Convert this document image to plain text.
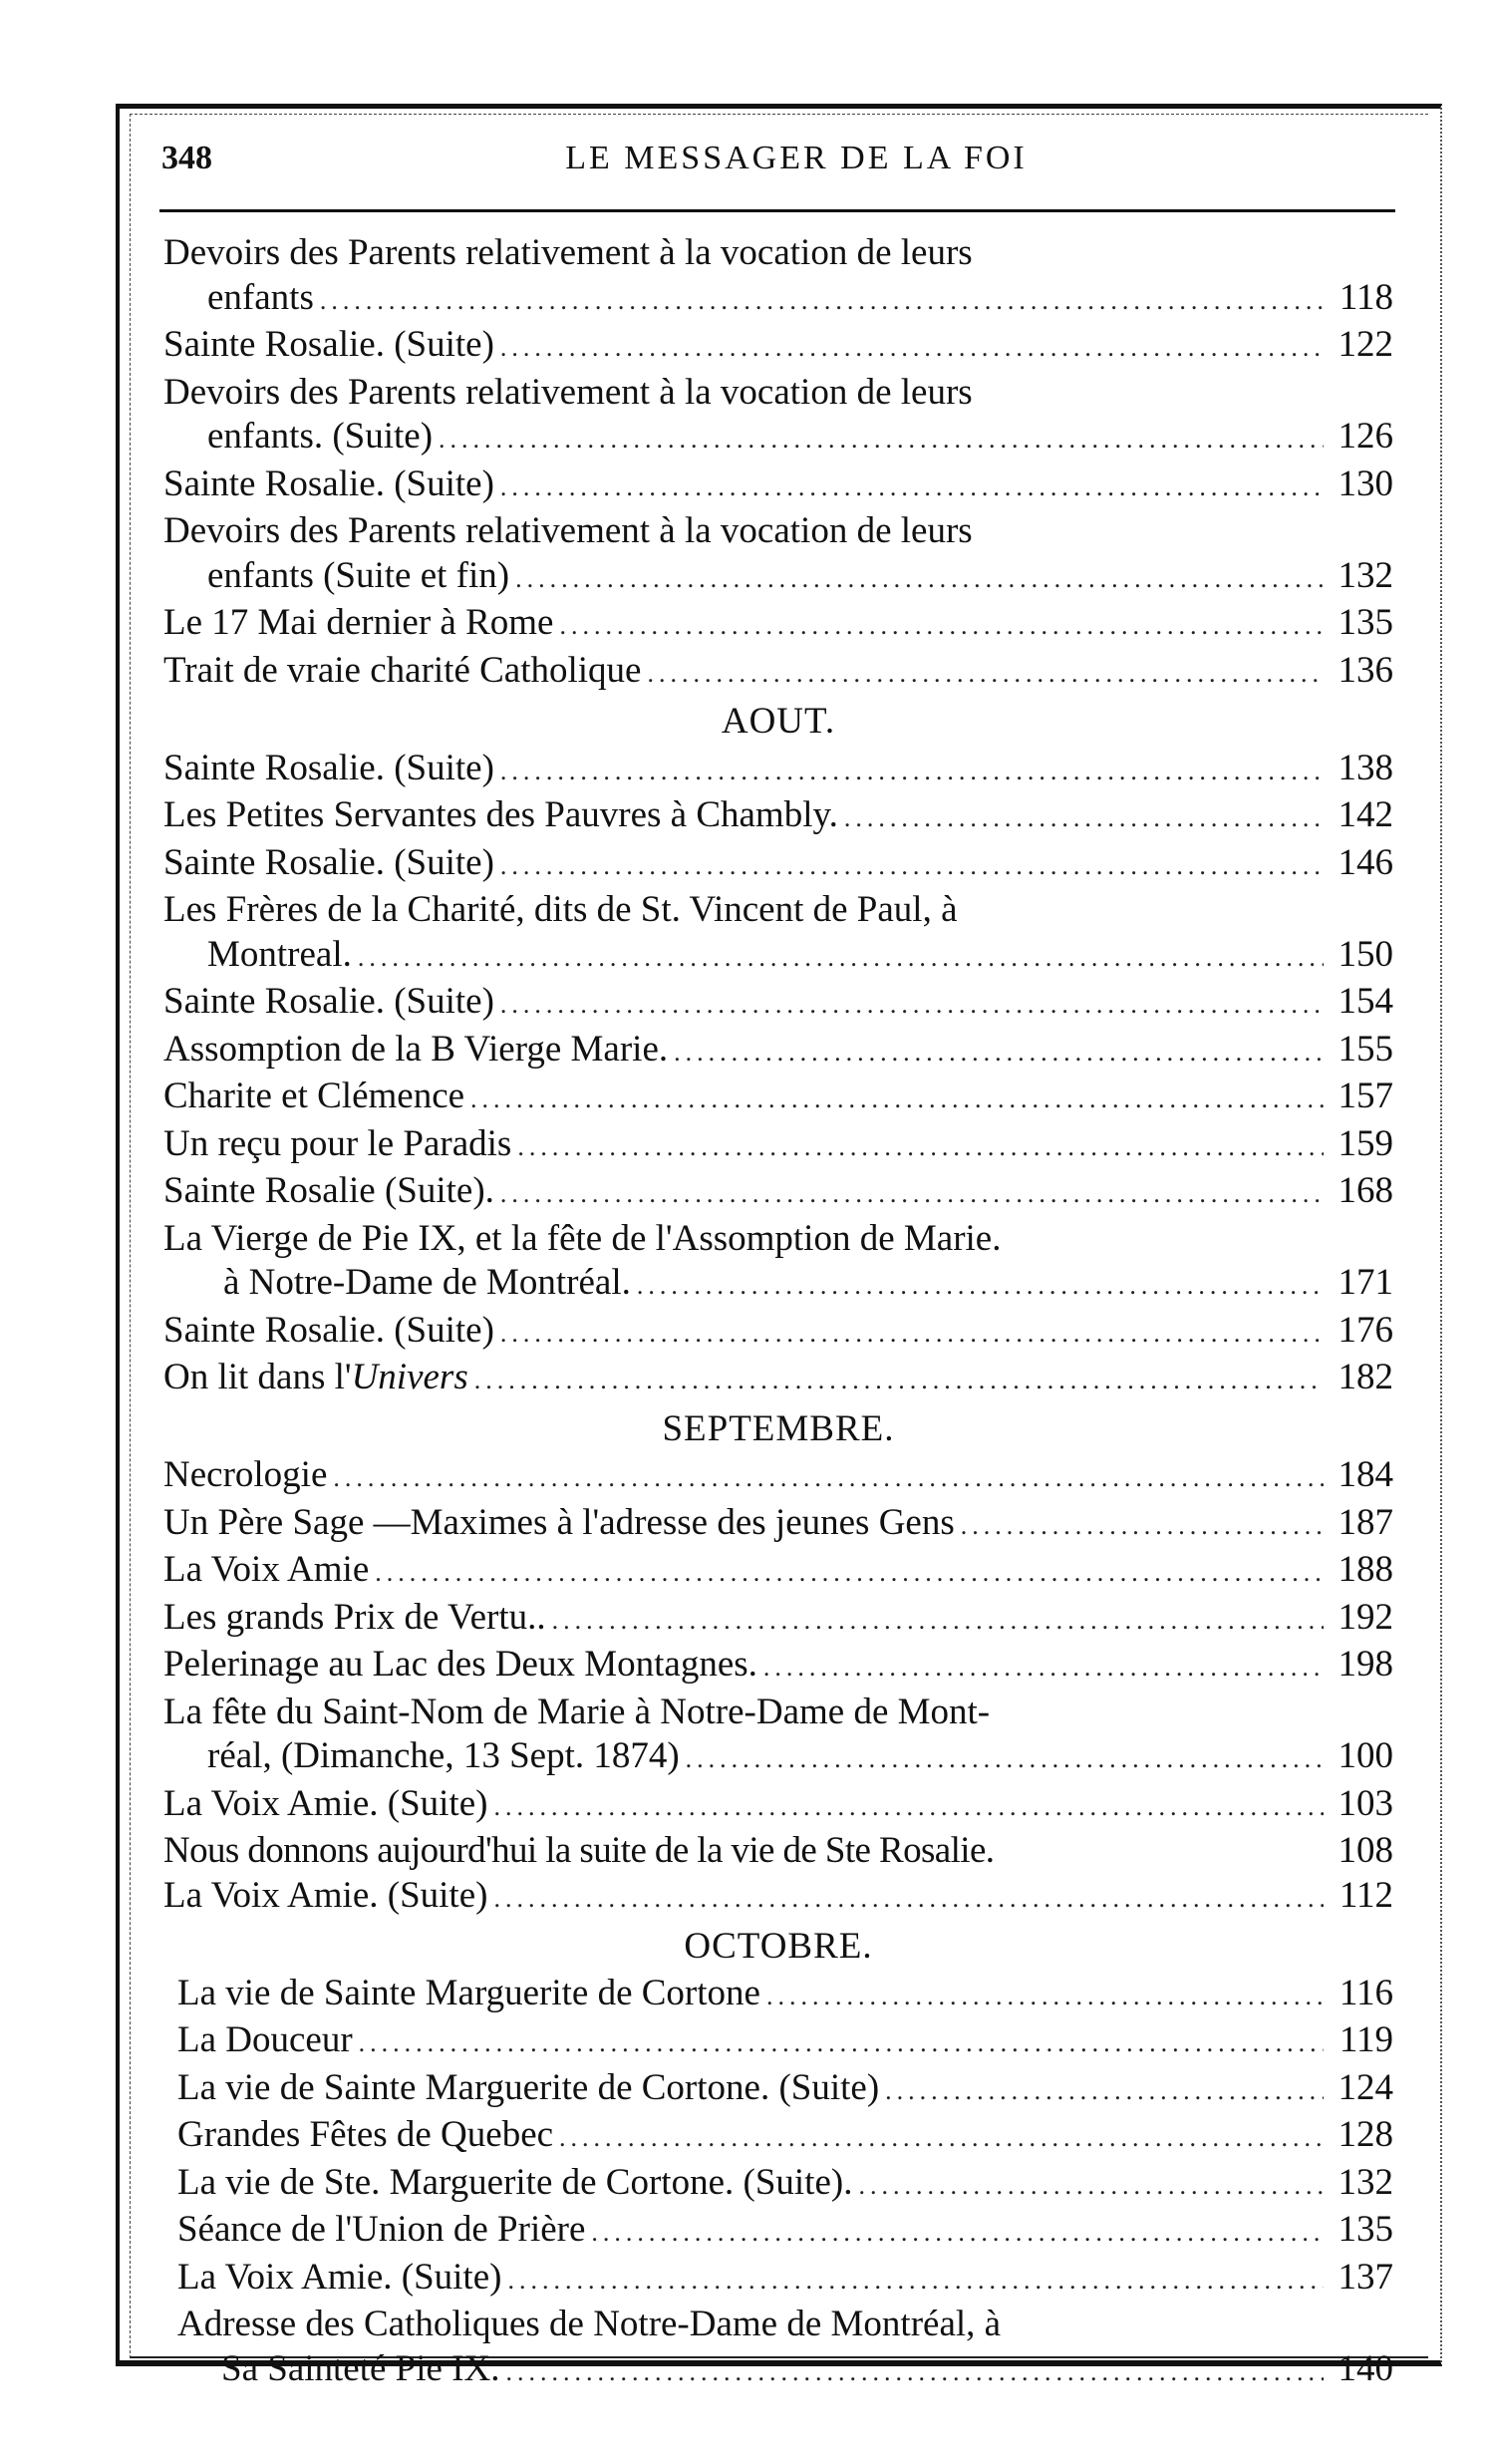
348	LE MESSAGER DE LA FOI
Devoirs des Parents relativement à la vocation de leurs
enfants .....	118
Sainte Rosalie. (Suite) .....	122
Devoirs des Parents relativement à la vocation de leurs
enfants. (Suite) .....	126
Sainte Rosalie. (Suite) .....	130
Devoirs des Parents relativement à la vocation de leurs
enfants (Suite et fin) .....	132
Le 17 Mai dernier à Rome .....	135
Trait de vraie charité Catholique .....	136
AOUT.
Sainte Rosalie. (Suite) .....	138
Les Petites Servantes des Pauvres à Chambly. .....	142
Sainte Rosalie. (Suite) .....	146
Les Frères de la Charité, dits de St. Vincent de Paul, à
Montreal. .....	150
Sainte Rosalie. (Suite) .....	154
Assomption de la B Vierge Marie. .....	155
Charite et Clémence .....	157
Un reçu pour le Paradis .....	159
Sainte Rosalie (Suite). .....	168
La Vierge de Pie IX, et la fête de l'Assomption de Marie.
à Notre-Dame de Montréal. .....	171
Sainte Rosalie. (Suite) .....	176
On lit dans l'Univers .....	182
SEPTEMBRE.
Necrologie .....	184
Un Père Sage —Maximes à l'adresse des jeunes Gens .....	187
La Voix Amie .....	188
Les grands Prix de Vertu.. .....	192
Pelerinage au Lac des Deux Montagnes. .....	198
La fête du Saint-Nom de Marie à Notre-Dame de Mont-
réal, (Dimanche, 13 Sept. 1874) .....	100
La Voix Amie. (Suite) .....	103
Nous donnons aujourd'hui la suite de la vie de Ste Rosalie.	108
La Voix Amie. (Suite) .....	112
OCTOBRE.
La vie de Sainte Marguerite de Cortone .....	116
La Douceur .....	119
La vie de Sainte Marguerite de Cortone. (Suite) .....	124
Grandes Fêtes de Quebec .....	128
La vie de Ste. Marguerite de Cortone. (Suite). .....	132
Séance de l'Union de Prière .....	135
La Voix Amie. (Suite) .....	137
Adresse des Catholiques de Notre-Dame de Montréal, à
Sa Sainteté Pie IX. .....	140
